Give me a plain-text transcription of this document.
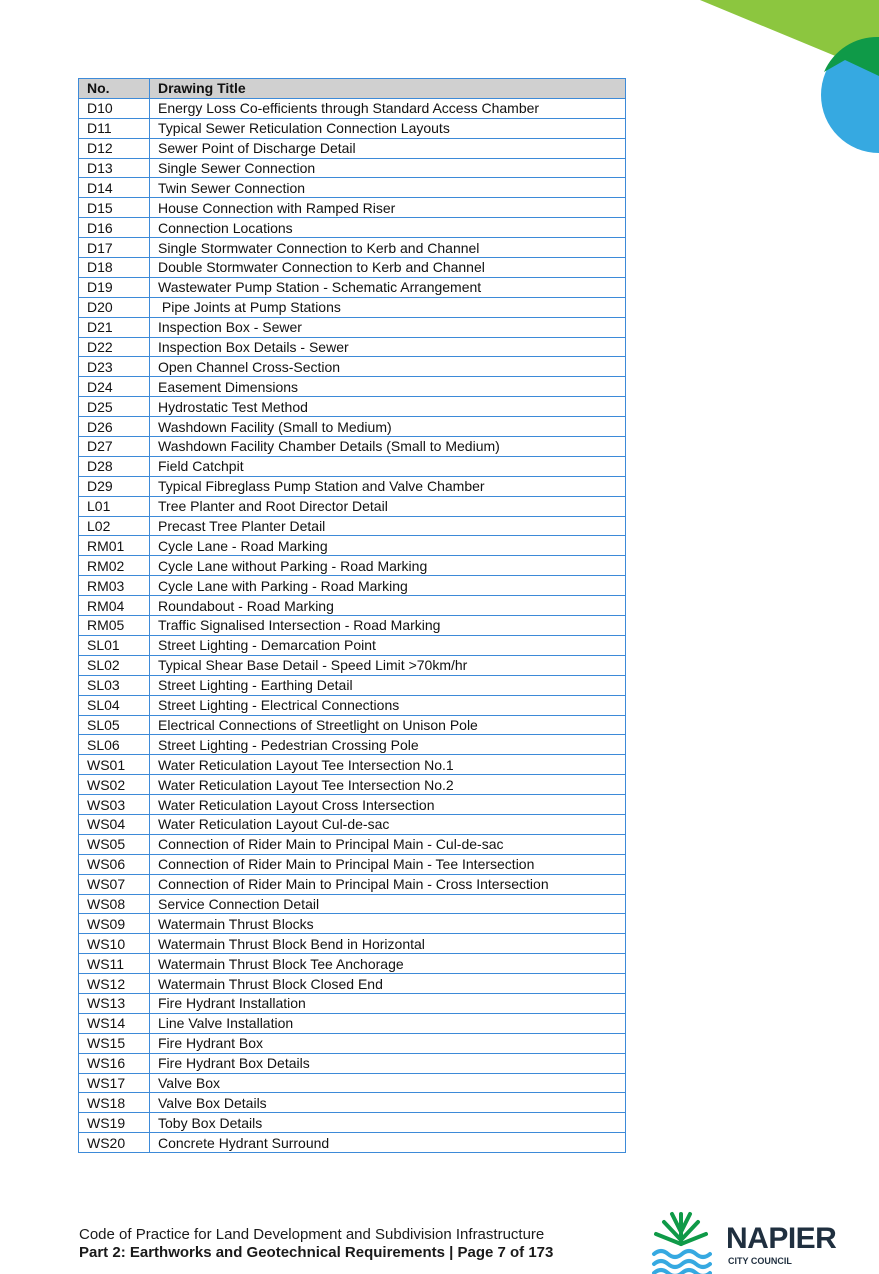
No.	Drawing Title
D10	Energy Loss Co-efficients through Standard Access Chamber
D11	Typical Sewer Reticulation Connection Layouts
D12	Sewer Point of Discharge Detail
D13	Single Sewer Connection
D14	Twin Sewer Connection
D15	House Connection with Ramped Riser
D16	Connection Locations
D17	Single Stormwater Connection to Kerb and Channel
D18	Double Stormwater Connection to Kerb and Channel
D19	Wastewater Pump Station - Schematic Arrangement
D20	Pipe Joints at Pump Stations
D21	Inspection Box - Sewer
D22	Inspection Box Details - Sewer
D23	Open Channel Cross-Section
D24	Easement Dimensions
D25	Hydrostatic Test Method
D26	Washdown Facility (Small to Medium)
D27	Washdown Facility Chamber Details (Small to Medium)
D28	Field Catchpit
D29	Typical Fibreglass Pump Station and Valve Chamber
L01	Tree Planter and Root Director Detail
L02	Precast Tree Planter Detail
RM01	Cycle Lane - Road Marking
RM02	Cycle Lane without Parking - Road Marking
RM03	Cycle Lane with Parking - Road Marking
RM04	Roundabout - Road Marking
RM05	Traffic Signalised Intersection - Road Marking
SL01	Street Lighting - Demarcation Point
SL02	Typical Shear Base Detail - Speed Limit >70km/hr
SL03	Street Lighting - Earthing Detail
SL04	Street Lighting - Electrical Connections
SL05	Electrical Connections of Streetlight on Unison Pole
SL06	Street Lighting - Pedestrian Crossing Pole
WS01	Water Reticulation Layout Tee Intersection No.1
WS02	Water Reticulation Layout Tee Intersection No.2
WS03	Water Reticulation Layout Cross Intersection
WS04	Water Reticulation Layout Cul-de-sac
WS05	Connection of Rider Main to Principal Main - Cul-de-sac
WS06	Connection of Rider Main to Principal Main - Tee Intersection
WS07	Connection of Rider Main to Principal Main - Cross Intersection
WS08	Service Connection Detail
WS09	Watermain Thrust Blocks
WS10	Watermain Thrust Block Bend in Horizontal
WS11	Watermain Thrust Block Tee Anchorage
WS12	Watermain Thrust Block Closed End
WS13	Fire Hydrant Installation
WS14	Line Valve Installation
WS15	Fire Hydrant Box
WS16	Fire Hydrant Box Details
WS17	Valve Box
WS18	Valve Box Details
WS19	Toby Box Details
WS20	Concrete Hydrant Surround
Code of Practice for Land Development and Subdivision Infrastructure
Part 2: Earthworks and Geotechnical Requirements | Page 7 of 173	NAPIER
CITY COUNCIL
